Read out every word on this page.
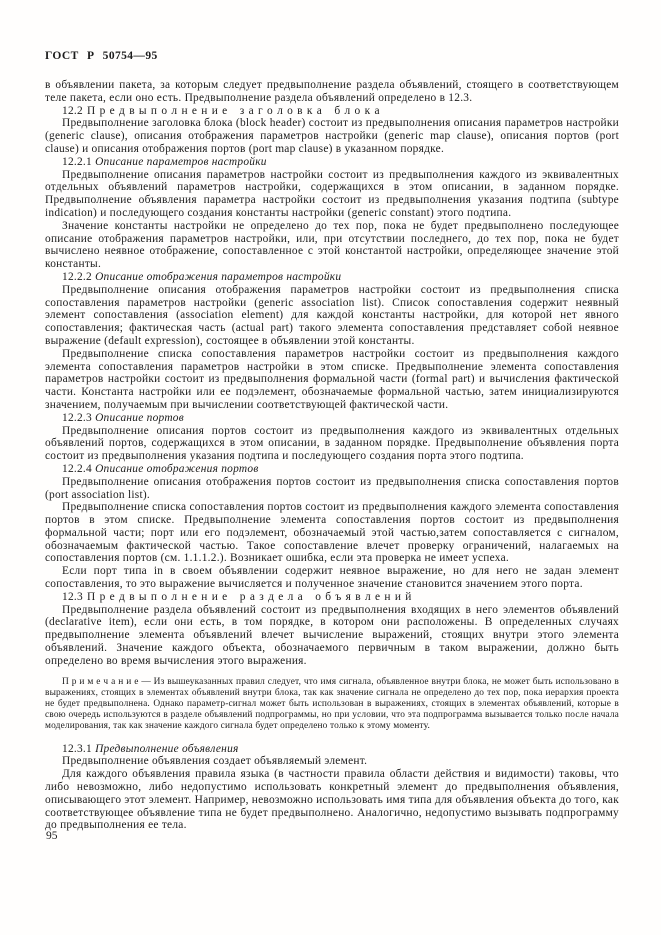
ГОСТ Р 50754—95

в объявлении пакета, за которым следует предвыполнение раздела объявлений, стоящего в соответствующем теле пакета, если оно есть. Предвыполнение раздела объявлений определено в 12.3.

12.2 П р е д в ы п о л н е н и е   з а г о л о в к а   б л о к а

Предвыполнение заголовка блока (block header) состоит из предвыполнения описания параметров настройки (generic clause), описания отображения параметров настройки (generic map clause), описания портов (port clause) и описания отображения портов (port map clause) в указанном порядке.

12.2.1 Описание параметров настройки

Предвыполнение описания параметров настройки состоит из предвыполнения каждого из эквивалентных отдельных объявлений параметров настройки, содержащихся в этом описании, в заданном порядке. Предвыполнение объявления параметра настройки состоит из предвыполнения указания подтипа (subtype indication) и последующего создания константы настройки (generic constant) этого подтипа.

Значение константы настройки не определено до тех пор, пока не будет предвыполнено последующее описание отображения параметров настройки, или, при отсутствии последнего, до тех пор, пока не будет вычислено неявное отображение, сопоставленное с этой константой настройки, определяющее значение этой константы.

12.2.2 Описание отображения параметров настройки

Предвыполнение описания отображения параметров настройки состоит из предвыполнения списка сопоставления параметров настройки (generic association list). Список сопоставления содержит неявный элемент сопоставления (association element) для каждой константы настройки, для которой нет явного сопоставления; фактическая часть (actual part) такого элемента сопоставления представляет собой неявное выражение (default expression), состоящее в объявлении этой константы.

Предвыполнение списка сопоставления параметров настройки состоит из предвыполнения каждого элемента сопоставления параметров настройки в этом списке. Предвыполнение элемента сопоставления параметров настройки состоит из предвыполнения формальной части (formal part) и вычисления фактической части. Константа настройки или ее подэлемент, обозначаемые формальной частью, затем инициализируются значением, получаемым при вычислении соответствующей фактической части.

12.2.3 Описание портов

Предвыполнение описания портов состоит из предвыполнения каждого из эквивалентных отдельных объявлений портов, содержащихся в этом описании, в заданном порядке. Предвыполнение объявления порта состоит из предвыполнения указания подтипа и последующего создания порта этого подтипа.

12.2.4 Описание отображения портов

Предвыполнение описания отображения портов состоит из предвыполнения списка сопоставления портов (port association list).

Предвыполнение списка сопоставления портов состоит из предвыполнения каждого элемента сопоставления портов в этом списке. Предвыполнение элемента сопоставления портов состоит из предвыполнения формальной части; порт или его подэлемент, обозначаемый этой частью,затем сопоставляется с сигналом, обозначаемым фактической частью. Такое сопоставление влечет проверку ограничений, налагаемых на сопоставления портов (см. 1.1.1.2.). Возникает ошибка, если эта проверка не имеет успеха.

Если порт типа in в своем объявлении содержит неявное выражение, но для него не задан элемент сопоставления, то это выражение вычисляется и полученное значение становится значением этого порта.

12.3 П р е д в ы п о л н е н и е   р а з д е л а   о б ъ я в л е н и й

Предвыполнение раздела объявлений состоит из предвыполнения входящих в него элементов объявлений (declarative item), если они есть, в том порядке, в котором они расположены. В определенных случаях предвыполнение элемента объявлений влечет вычисление выражений, стоящих внутри этого элемента объявлений. Значение каждого объекта, обозначаемого первичным в таком выражении, должно быть определено во время вычисления этого выражения.

П р и м е ч а н и е — Из вышеуказанных правил следует, что имя сигнала, объявленное внутри блока, не может быть использовано в выражениях, стоящих в элементах объявлений внутри блока, так как значение сигнала не определено до тех пор, пока иерархия проекта не будет предвыполнена. Однако параметр-сигнал может быть использован в выражениях, стоящих в элементах объявлений, которые в свою очередь используются в разделе объявлений подпрограммы, но при условии, что эта подпрограмма вызывается только после начала моделирования, так как значение каждого сигнала будет определено только к этому моменту.

12.3.1 Предвыполнение объявления

Предвыполнение объявления создает объявляемый элемент.

Для каждого объявления правила языка (в частности правила области действия и видимости) таковы, что либо невозможно, либо недопустимо использовать конкретный элемент до предвыполнения объявления, описывающего этот элемент. Например, невозможно использовать имя типа для объявления объекта до того, как соответствующее объявление типа не будет предвыполнено. Аналогично, недопустимо вызывать подпрограмму до предвыполнения ее тела.

95
